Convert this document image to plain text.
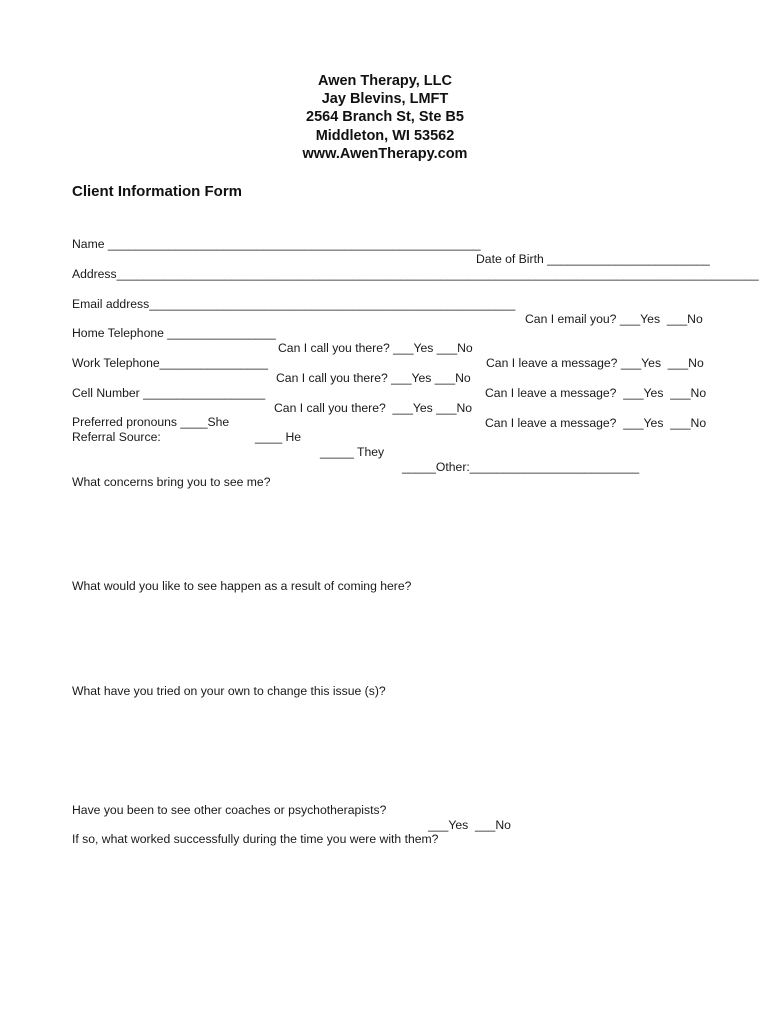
Awen Therapy, LLC
Jay Blevins, LMFT
2564 Branch St, Ste B5
Middleton, WI 53562
www.AwenTherapy.com
Client Information Form

Name _______________________________________________________

Date of Birth ________________________

Address_______________________________________________________________________________________________

Email address______________________________________________________

Can I email you? ___Yes  ___No

Home Telephone ________________

Can I call you there? ___Yes ___No

Can I leave a message? ___Yes  ___No

Work Telephone________________

Can I call you there? ___Yes ___No

Can I leave a message?  ___Yes  ___No

Cell Number __________________

Can I call you there?  ___Yes ___No

Can I leave a message?  ___Yes  ___No

Preferred pronouns ____She

____ He

_____ They

_____Other:_________________________

Referral Source:
What concerns bring you to see me?
What would you like to see happen as a result of coming here?
What have you tried on your own to change this issue (s)?

Have you been to see other coaches or psychotherapists?

___Yes  ___No

If so, what worked successfully during the time you were with them?
